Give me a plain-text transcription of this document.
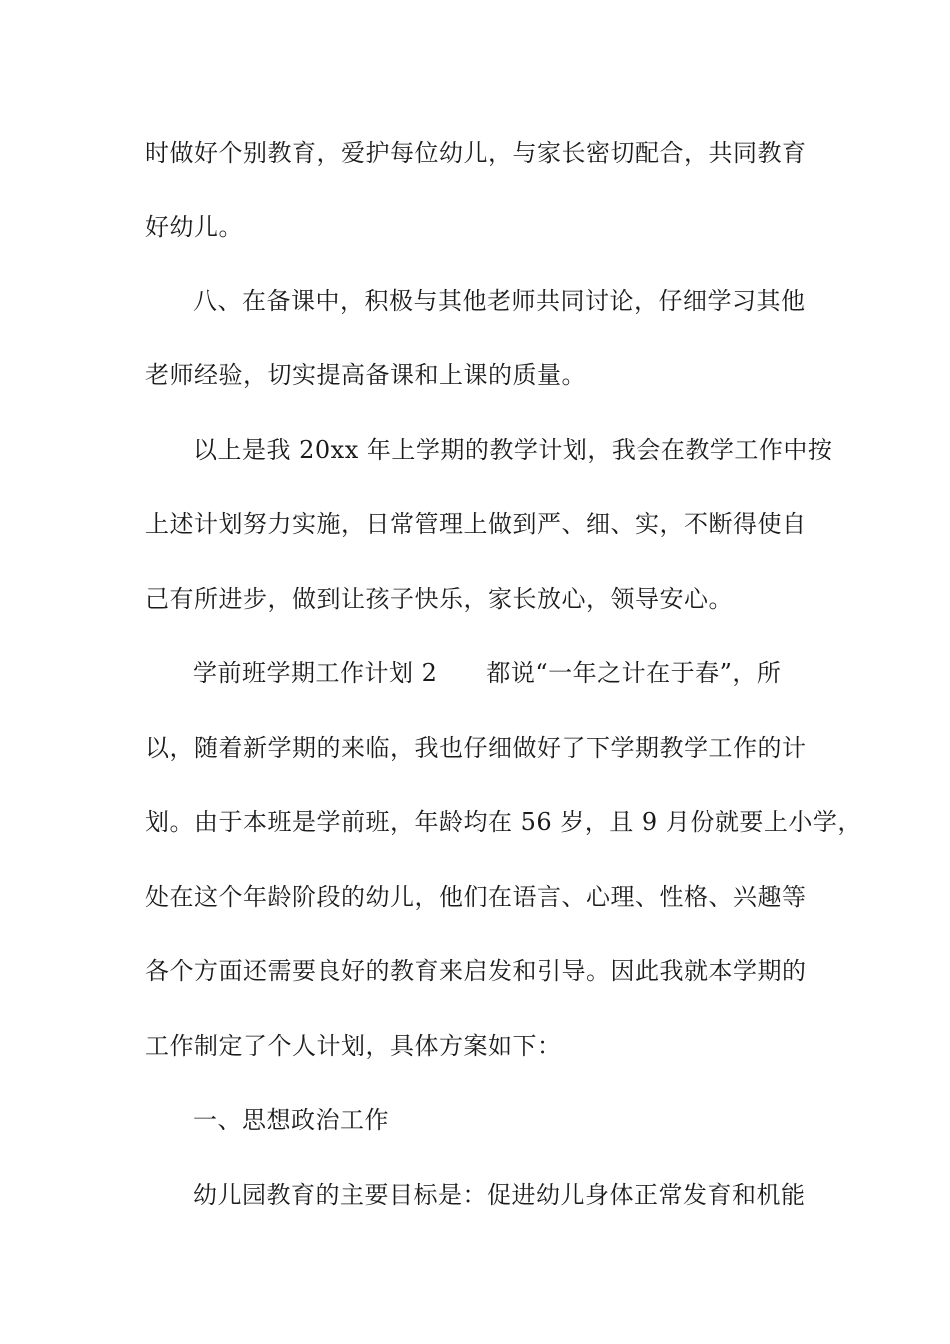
时做好个别教育，爱护每位幼儿，与家长密切配合，共同教育
好幼儿。
八、在备课中，积极与其他老师共同讨论，仔细学习其他
老师经验，切实提高备课和上课的质量。
以上是我 20xx 年上学期的教学计划，我会在教学工作中按
上述计划努力实施，日常管理上做到严、细、实，不断得使自
己有所进步，做到让孩子快乐，家长放心，领导安心。
学前班学期工作计划 2　　都说“一年之计在于春”，所
以，随着新学期的来临，我也仔细做好了下学期教学工作的计
划。由于本班是学前班，年龄均在 56 岁，且 9 月份就要上小学，
处在这个年龄阶段的幼儿，他们在语言、心理、性格、兴趣等
各个方面还需要良好的教育来启发和引导。因此我就本学期的
工作制定了个人计划，具体方案如下：
一、思想政治工作
幼儿园教育的主要目标是：促进幼儿身体正常发育和机能
